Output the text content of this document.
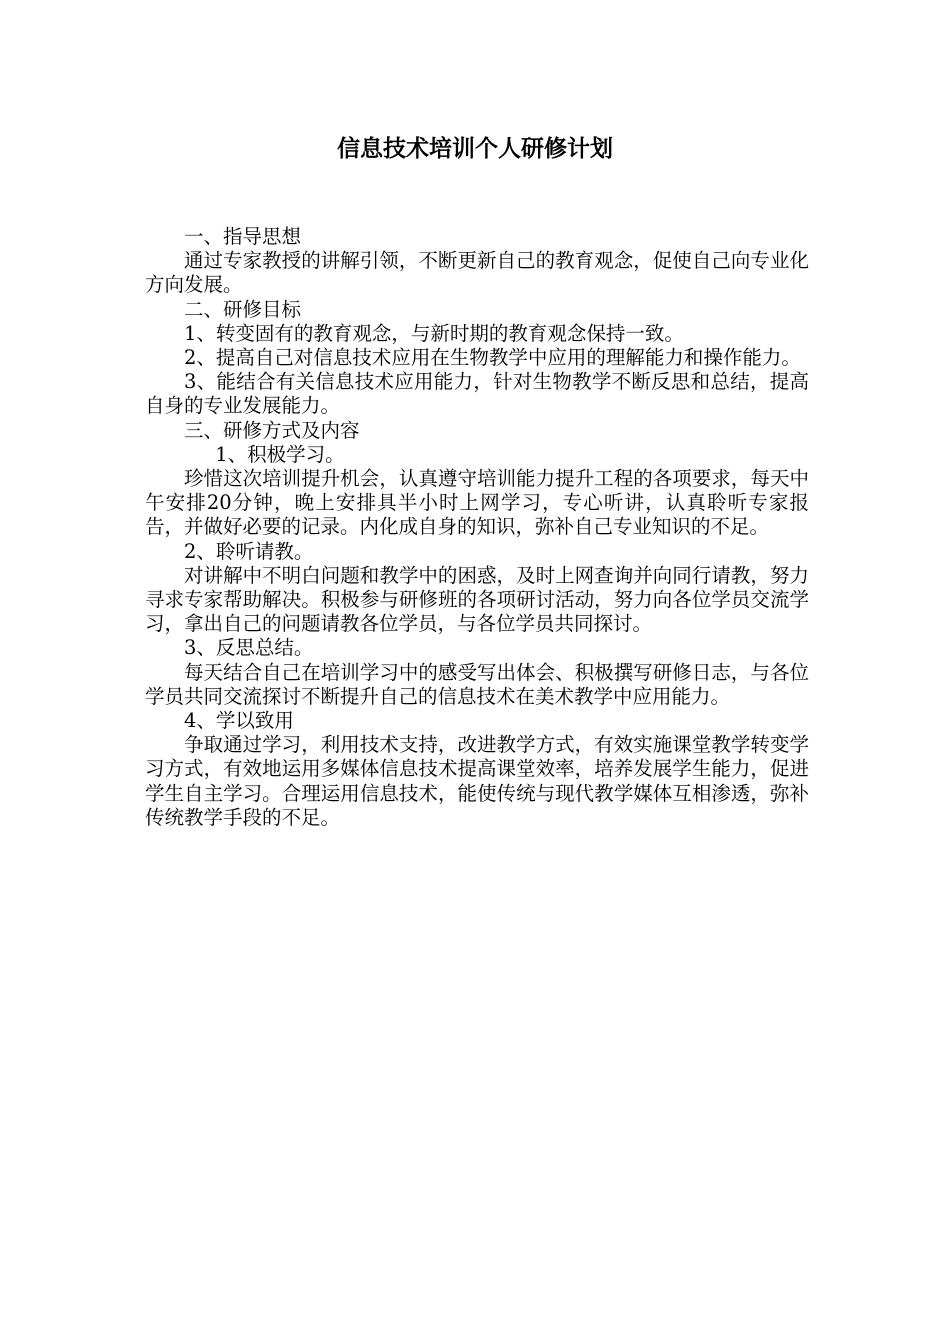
信息技术培训个人研修计划

一、指导思想

通过专家教授的讲解引领，不断更新自己的教育观念，促使自己向专业化方向发展。

二、研修目标

1、转变固有的教育观念，与新时期的教育观念保持一致。

2、提高自己对信息技术应用在生物教学中应用的理解能力和操作能力。

3、能结合有关信息技术应用能力，针对生物教学不断反思和总结，提高自身的专业发展能力。

三、研修方式及内容

1、积极学习。

珍惜这次培训提升机会，认真遵守培训能力提升工程的各项要求，每天中午安排20分钟，晚上安排具半小时上网学习，专心听讲，认真聆听专家报告，并做好必要的记录。内化成自身的知识，弥补自己专业知识的不足。

2、聆听请教。

对讲解中不明白问题和教学中的困惑，及时上网查询并向同行请教，努力寻求专家帮助解决。积极参与研修班的各项研讨活动，努力向各位学员交流学习，拿出自己的问题请教各位学员，与各位学员共同探讨。

3、反思总结。

每天结合自己在培训学习中的感受写出体会、积极撰写研修日志，与各位学员共同交流探讨不断提升自己的信息技术在美术教学中应用能力。

4、学以致用

争取通过学习，利用技术支持，改进教学方式，有效实施课堂教学转变学习方式，有效地运用多媒体信息技术提高课堂效率，培养发展学生能力，促进学生自主学习。合理运用信息技术，能使传统与现代教学媒体互相渗透，弥补传统教学手段的不足。
